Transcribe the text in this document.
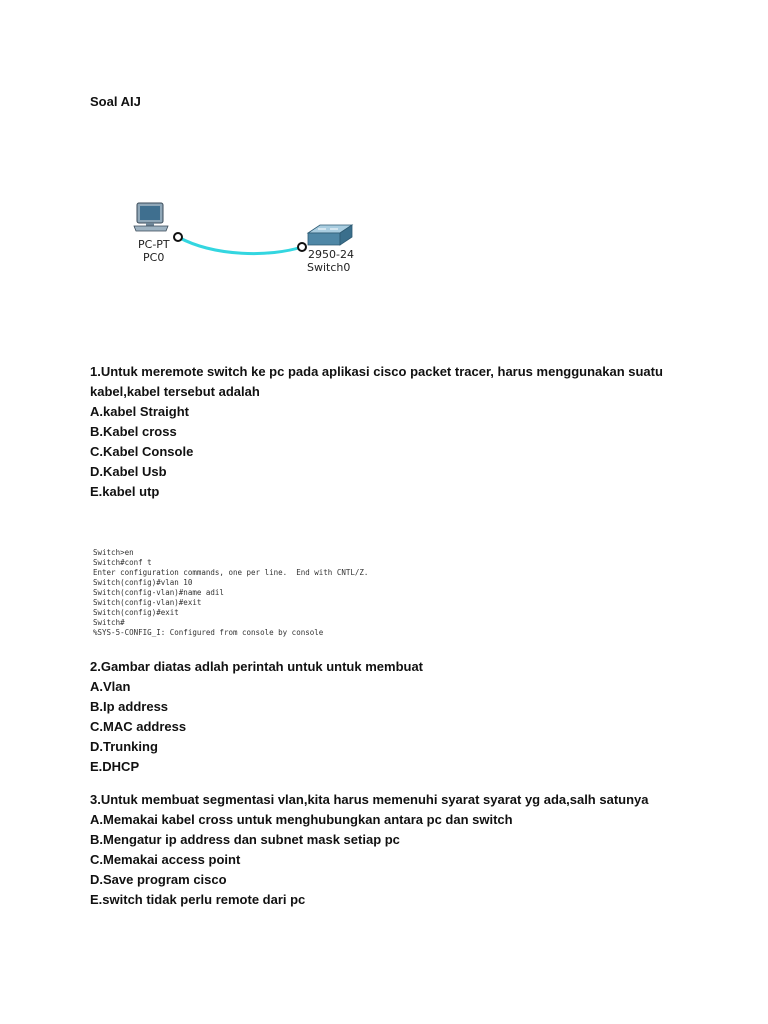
Soal AIJ
PC-PT
PC0	2950-24
Switch0
1.Untuk meremote switch ke pc pada aplikasi cisco packet tracer, harus menggunakan suatu kabel,kabel tersebut adalah
A.kabel Straight
B.Kabel cross
C.Kabel Console
D.Kabel Usb
E.kabel utp
Switch>en
Switch#conf t
Enter configuration commands, one per line.  End with CNTL/Z.
Switch(config)#vlan 10
Switch(config-vlan)#name adil
Switch(config-vlan)#exit
Switch(config)#exit
Switch#
%SYS-5-CONFIG_I: Configured from console by console
2.Gambar diatas adlah perintah untuk untuk membuat
A.Vlan
B.Ip address
C.MAC address
D.Trunking
E.DHCP
3.Untuk membuat segmentasi vlan,kita harus memenuhi syarat syarat yg ada,salh satunya
A.Memakai kabel cross untuk menghubungkan antara pc dan switch
B.Mengatur ip address dan subnet mask setiap pc
C.Memakai access point
D.Save program cisco
E.switch tidak perlu remote dari pc
